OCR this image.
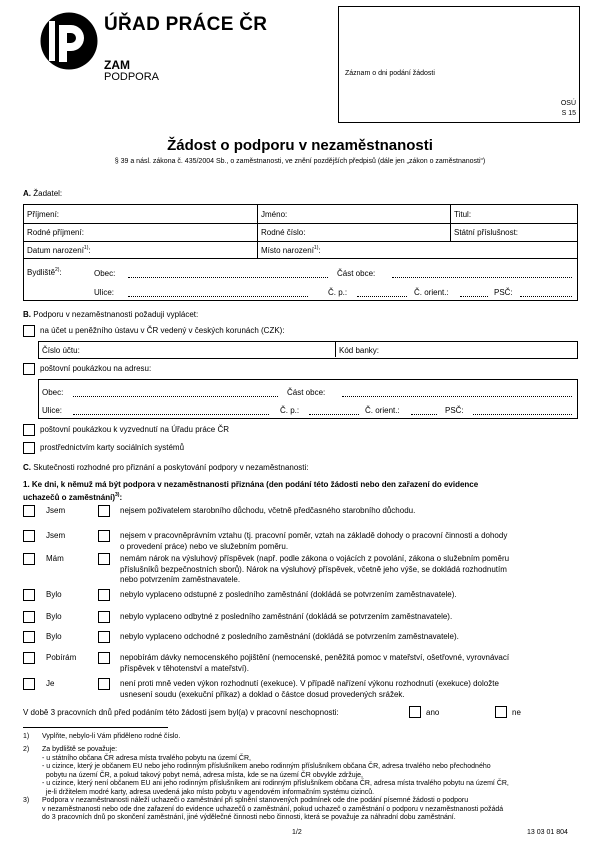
ÚŘAD PRÁCE ČR
ZAM
PODPORA	Záznam o dni podání žádosti
OSÚ
S 15
Žádost o podporu v nezaměstnanosti
§ 39 a násl. zákona č. 435/2004 Sb., o zaměstnanosti, ve znění pozdějších předpisů (dále jen „zákon o zaměstnanosti“)
A. Žadatel:
Příjmení:	Jméno:	Titul:
Rodné příjmení:	Rodné číslo:	Státní příslušnost:
Datum narození$^{1)}$:	Místo narození$^{1)}$:
Bydliště$^{2)}$:	Obec:	Část obce:
Ulice:	Č. p.:	Č. orient.:	PSČ:
B. Podporu v nezaměstnanosti požaduji vyplácet:
na účet u peněžního ústavu v ČR vedený v českých korunách (CZK):
Číslo účtu:	Kód banky:
poštovní poukázkou na adresu:
Obec:	Část obce:
Ulice:	Č. p.:	Č. orient.:	PSČ:
poštovní poukázkou k vyzvednutí na Úřadu práce ČR
prostřednictvím karty sociálních systémů
C. Skutečnosti rozhodné pro přiznání a poskytování podpory v nezaměstnanosti:
1. Ke dni, k němuž má být podpora v nezaměstnanosti přiznána (den podání této žádosti nebo den zařazení do evidence
uchazečů o zaměstnání)$^{3)}$:
Jsem	nejsem poživatelem starobního důchodu, včetně předčasného starobního důchodu.
Jsem	nejsem v pracovněprávním vztahu (tj. pracovní poměr, vztah na základě dohody o pracovní činnosti a dohody
o provedení práce) nebo ve služebním poměru.
Mám	nemám nárok na výsluhový příspěvek (např. podle zákona o vojácích z povolání, zákona o služebním poměru
příslušníků bezpečnostních sborů). Nárok na výsluhový příspěvek, včetně jeho výše, se dokládá rozhodnutím
nebo potvrzením zaměstnavatele.
Bylo	nebylo vyplaceno odstupné z posledního zaměstnání (dokládá se potvrzením zaměstnavatele).
Bylo	nebylo vyplaceno odbytné z posledního zaměstnání (dokládá se potvrzením zaměstnavatele).
Bylo	nebylo vyplaceno odchodné z posledního zaměstnání (dokládá se potvrzením zaměstnavatele).
Pobírám	nepobírám dávky nemocenského pojištění (nemocenské, peněžitá pomoc v mateřství, ošetřovné, vyrovnávací
příspěvek v těhotenství a mateřství).
Je	není proti mně veden výkon rozhodnutí (exekuce). V případě nařízení výkonu rozhodnutí (exekuce) doložte
usnesení soudu (exekuční příkaz) a doklad o částce dosud provedených srážek.
V době 3 pracovních dnů před podáním této žádosti jsem byl(a) v pracovní neschopnosti:	ano	ne
1) Vyplňte, nebylo-li Vám přiděleno rodné číslo.
2) Za bydliště se považuje:
- u státního občana ČR adresa místa trvalého pobytu na území ČR,
- u cizince, který je občanem EU nebo jeho rodinným příslušníkem anebo rodinným příslušníkem občana ČR, adresa trvalého nebo přechodného
pobytu na území ČR, a pokud takový pobyt nemá, adresa místa, kde se na území ČR obvykle zdržuje,
- u cizince, který není občanem EU ani jeho rodinným příslušníkem ani rodinným příslušníkem občana ČR, adresa místa trvalého pobytu na území ČR,
je-li držitelem modré karty, adresa uvedená jako místo pobytu v agendovém informačním systému cizinců.
3) Podpora v nezaměstnanosti náleží uchazeči o zaměstnání při splnění stanovených podmínek ode dne podání písemné žádosti o podporu
v nezaměstnanosti nebo ode dne zařazení do evidence uchazečů o zaměstnání, pokud uchazeč o zaměstnání o podporu v nezaměstnanosti požádá
do 3 pracovních dnů po skončení zaměstnání, jiné výdělečné činnosti nebo činnosti, která se považuje za náhradní dobu zaměstnání.
1/2	13 03 01 804
